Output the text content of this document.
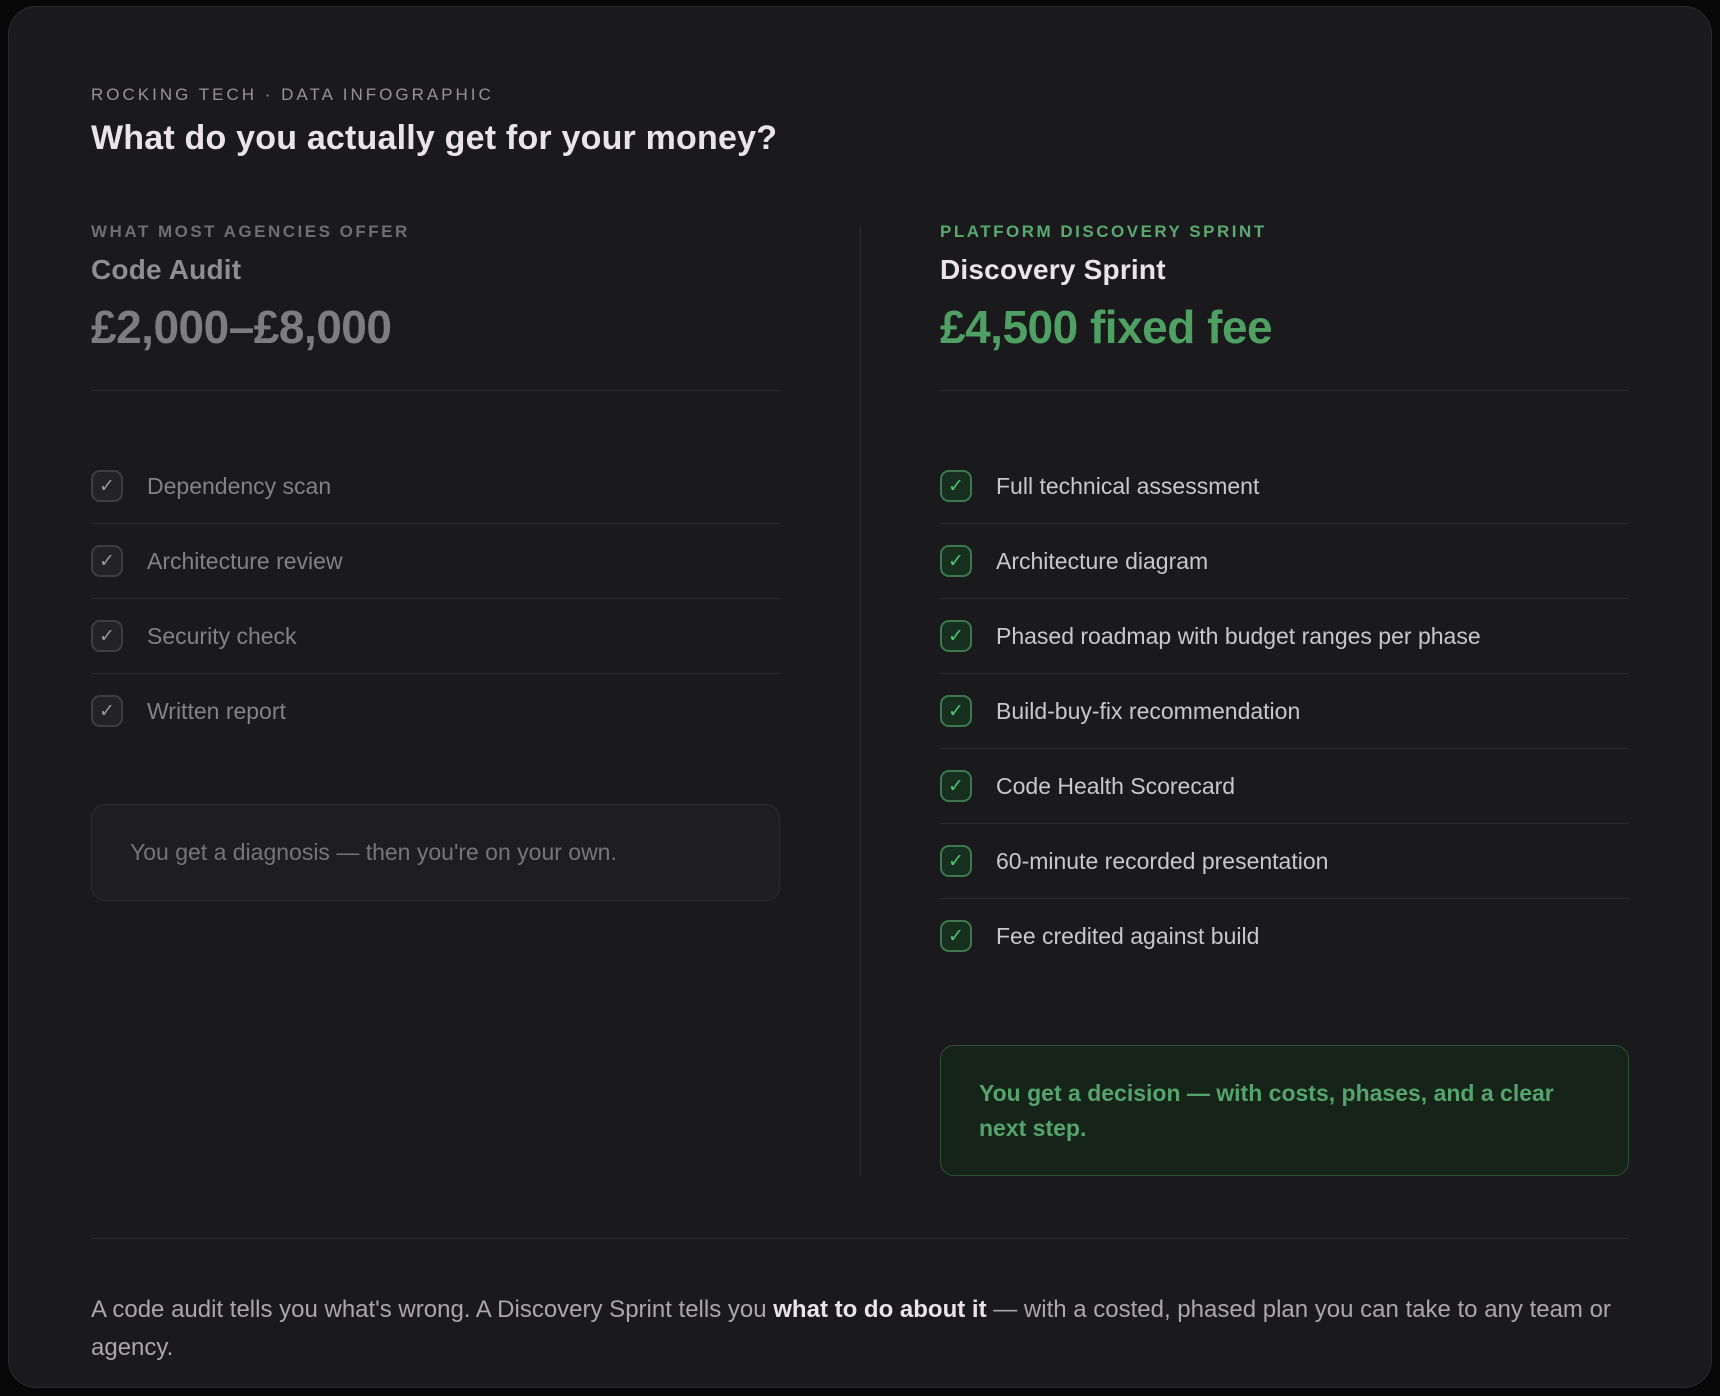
ROCKING TECH · DATA INFOGRAPHIC
What do you actually get for your money?
WHAT MOST AGENCIES OFFER
Code Audit
£2,000–£8,000
✓	Dependency scan
✓	Architecture review
✓	Security check
✓	Written report
You get a diagnosis — then you're on your own.
PLATFORM DISCOVERY SPRINT
Discovery Sprint
£4,500 fixed fee
✓	Full technical assessment
✓	Architecture diagram
✓	Phased roadmap with budget ranges per phase
✓	Build-buy-fix recommendation
✓	Code Health Scorecard
✓	60-minute recorded presentation
✓	Fee credited against build
You get a decision — with costs, phases, and a clear next step.

A code audit tells you what's wrong. A Discovery Sprint tells you what to do about it — with a costed, phased plan you can take to any team or agency.
